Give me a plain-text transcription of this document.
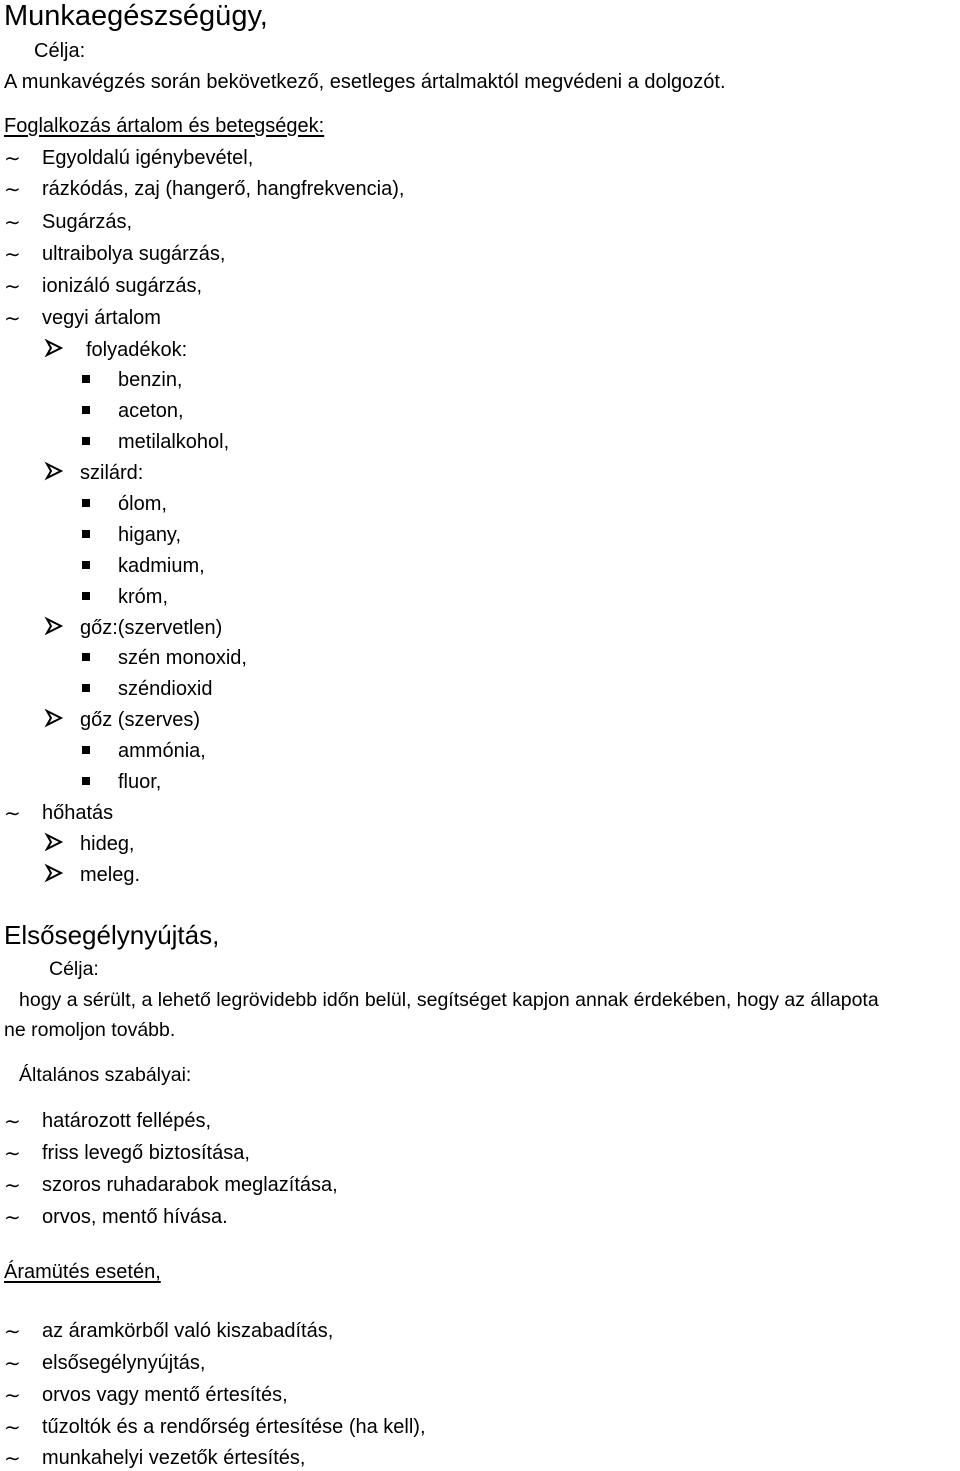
Munkaegészségügy,
Célja:
A munkavégzés során bekövetkező, esetleges ártalmaktól megvédeni a dolgozót.
Foglalkozás ártalom és betegségek:
∼ Egyoldalú igénybevétel,
∼ rázkódás, zaj (hangerő, hangfrekvencia),
∼ Sugárzás,
∼ ultraibolya sugárzás,
∼ ionizáló sugárzás,
∼ vegyi ártalom
folyadékok:
benzin,
aceton,
metilalkohol,
szilárd:
ólom,
higany,
kadmium,
króm,
gőz:(szervetlen)
szén monoxid,
széndioxid
gőz (szerves)
ammónia,
fluor,
∼ hőhatás
hideg,
meleg.
Elsősegélynyújtás,
Célja:
hogy a sérült, a lehető legrövidebb időn belül, segítséget kapjon annak érdekében, hogy az állapota
ne romoljon tovább.
Általános szabályai:
∼ határozott fellépés,
∼ friss levegő biztosítása,
∼ szoros ruhadarabok meglazítása,
∼ orvos, mentő hívása.
Áramütés esetén,
∼ az áramkörből való kiszabadítás,
∼ elsősegélynyújtás,
∼ orvos vagy mentő értesítés,
∼ tűzoltók és a rendőrség értesítése (ha kell),
∼ munkahelyi vezetők értesítés,
